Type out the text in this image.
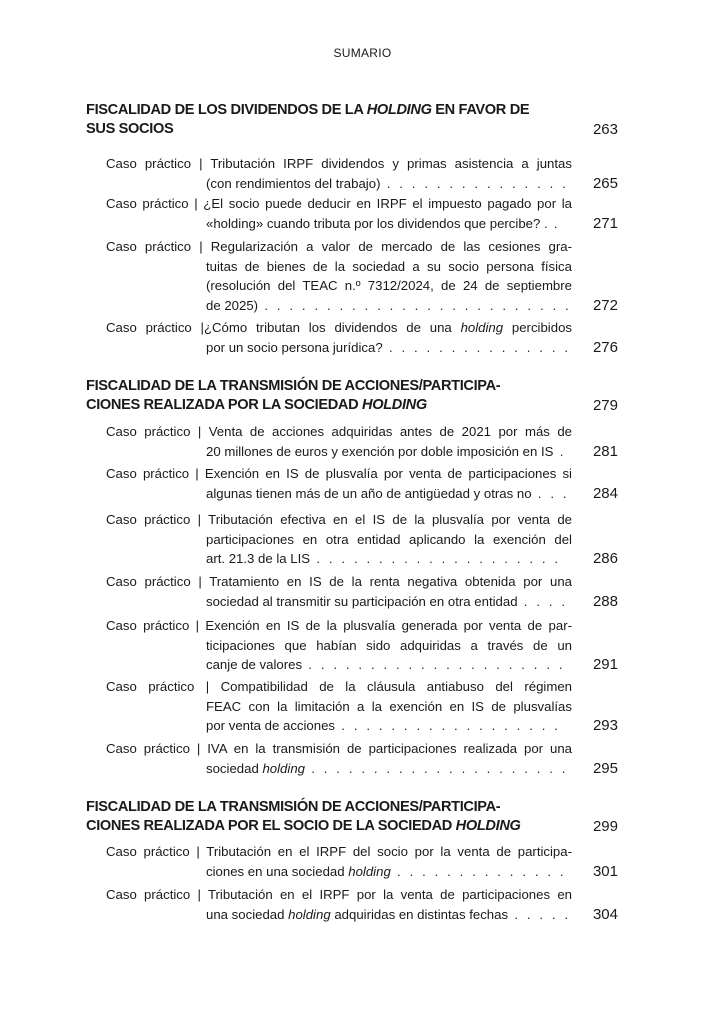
SUMARIO
FISCALIDAD DE LOS DIVIDENDOS DE LA HOLDING EN FAVOR DE
SUS SOCIOS	263
Caso práctico | Tributación IRPF dividendos y primas asistencia a juntas
(con rendimientos del trabajo) . . . . . . . . . . . . . . . 265
Caso práctico | ¿El socio puede deducir en IRPF el impuesto pagado por la
«holding» cuando tributa por los dividendos que percibe? . . 271
Caso práctico | Regularización a valor de mercado de las cesiones gra-
tuitas de bienes de la sociedad a su socio persona física
(resolución del TEAC n.º 7312/2024, de 24 de septiembre
de 2025) . . . . . . . . . . . . . . . . . . . . . . . . . 272
Caso práctico |¿Cómo tributan los dividendos de una holding percibidos
por un socio persona jurídica? . . . . . . . . . . . . . . . 276
FISCALIDAD DE LA TRANSMISIÓN DE ACCIONES/PARTICIPA-
CIONES REALIZADA POR LA SOCIEDAD HOLDING	279
Caso práctico | Venta de acciones adquiridas antes de 2021 por más de
20 millones de euros y exención por doble imposición en IS . 281
Caso práctico | Exención en IS de plusvalía por venta de participaciones si
algunas tienen más de un año de antigüedad y otras no . . . 284
Caso práctico | Tributación efectiva en el IS de la plusvalía por venta de
participaciones en otra entidad aplicando la exención del
art. 21.3 de la LIS . . . . . . . . . . . . . . . . . . . . 286
Caso práctico | Tratamiento en IS de la renta negativa obtenida por una
sociedad al transmitir su participación en otra entidad . . . . 288
Caso práctico | Exención en IS de la plusvalía generada por venta de par-
ticipaciones que habían sido adquiridas a través de un
canje de valores . . . . . . . . . . . . . . . . . . . . . 291
Caso práctico | Compatibilidad de la cláusula antiabuso del régimen
FEAC con la limitación a la exención en IS de plusvalías
por venta de acciones . . . . . . . . . . . . . . . . . . 293
Caso práctico | IVA en la transmisión de participaciones realizada por una
sociedad holding . . . . . . . . . . . . . . . . . . . . . 295
FISCALIDAD DE LA TRANSMISIÓN DE ACCIONES/PARTICIPA-
CIONES REALIZADA POR EL SOCIO DE LA SOCIEDAD HOLDING	299
Caso práctico | Tributación en el IRPF del socio por la venta de participa-
ciones en una sociedad holding . . . . . . . . . . . . . . 301
Caso práctico | Tributación en el IRPF por la venta de participaciones en
una sociedad holding adquiridas en distintas fechas . . . . . 304
